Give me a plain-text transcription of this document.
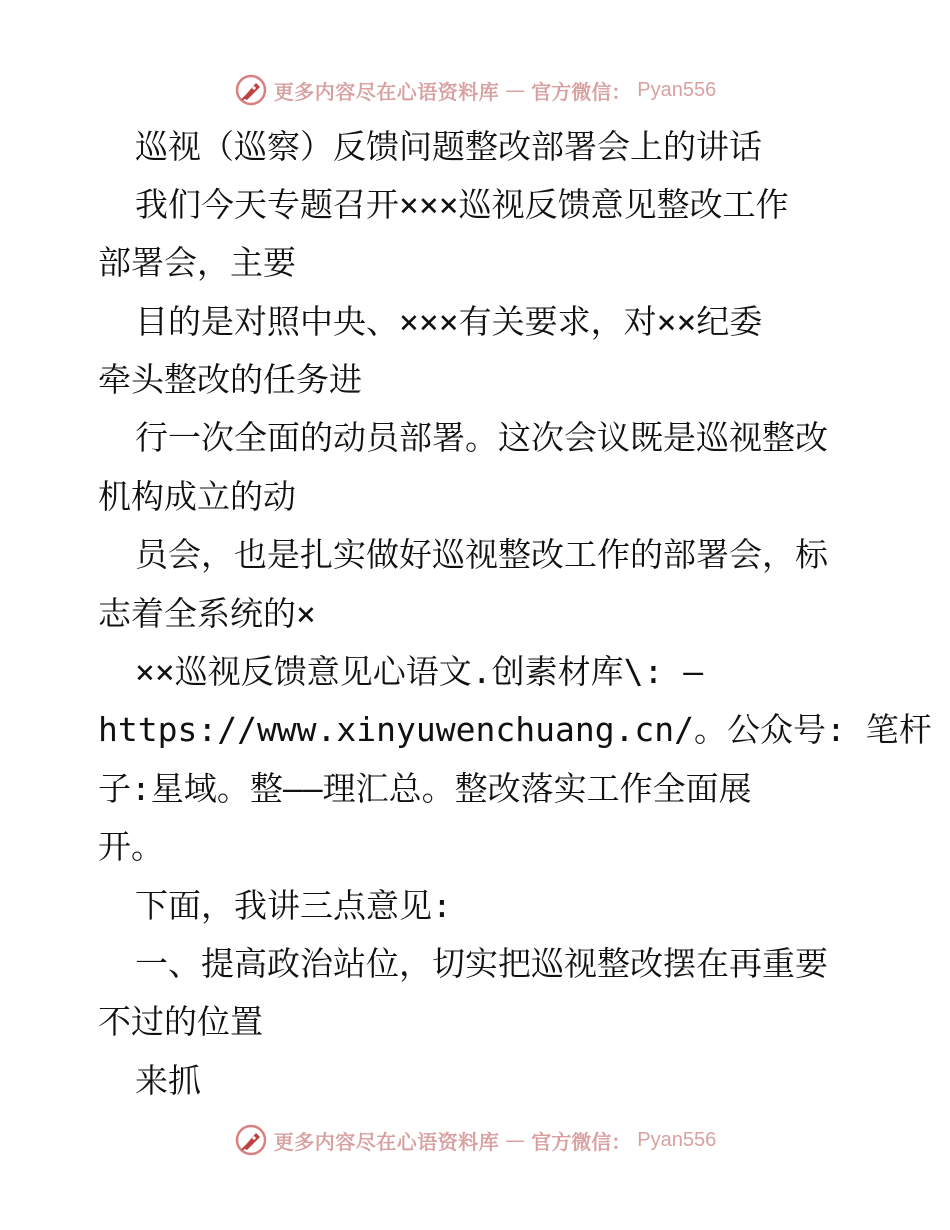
更多内容尽在心语资料库 — 官方微信： Pyan556
巡视（巡察）反馈问题整改部署会上的讲话
我们今天专题召开×××巡视反馈意见整改工作
部署会，主要
目的是对照中央、×××有关要求，对××纪委
牵头整改的任务进
行一次全面的动员部署。这次会议既是巡视整改
机构成立的动
员会，也是扎实做好巡视整改工作的部署会，标
志着全系统的×
××巡视反馈意见心语文.创素材库\: —
https://www.xinyuwenchuang.cn/。公众号: 笔杆
子:星域。整——理汇总。整改落实工作全面展
开。
下面，我讲三点意见:
一、提高政治站位，切实把巡视整改摆在再重要
不过的位置
来抓
更多内容尽在心语资料库 — 官方微信： Pyan556
